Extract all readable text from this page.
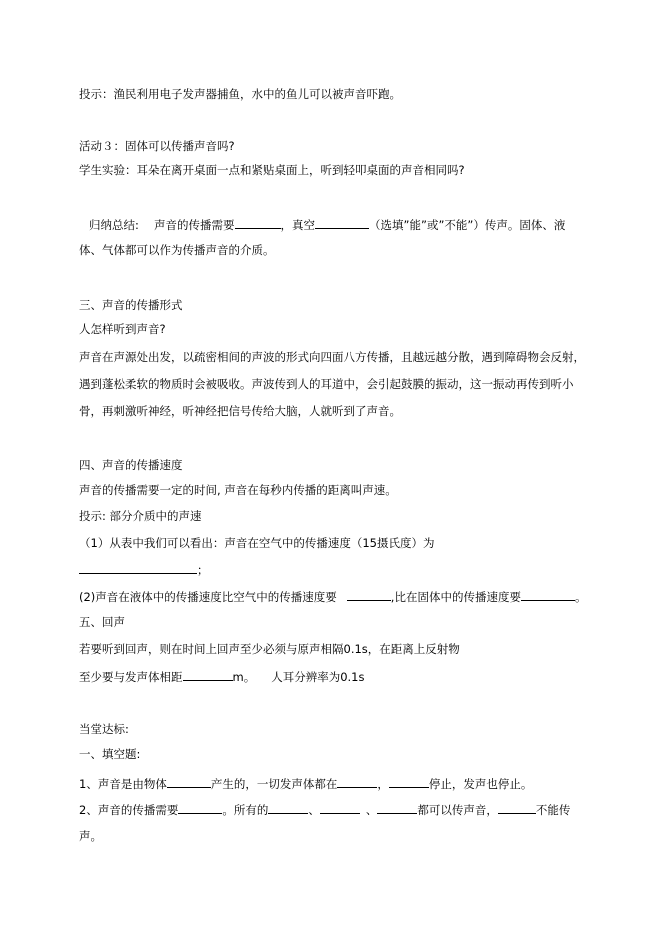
投示：渔民利用电子发声器捕鱼，水中的鱼儿可以被声音吓跑。
活动３：固体可以传播声音吗?
学生实验：耳朵在离开桌面一点和紧贴桌面上，听到轻叩桌面的声音相同吗?
归纳总结:　 声音的传播需要	，真空	（选填”能”或”不能”）传声。固体、液
体、气体都可以作为传播声音的介质。
三、声音的传播形式
人怎样听到声音?
声音在声源处出发，以疏密相间的声波的形式向四面八方传播，且越远越分散，遇到障碍物会反射，
遇到蓬松柔软的物质时会被吸收。声波传到人的耳道中，会引起鼓膜的振动，这一振动再传到听小
骨，再刺激听神经，听神经把信号传给大脑，人就听到了声音。
四、声音的传播速度
声音的传播需要一定的时间, 声音在每秒内传播的距离叫声速。
投示: 部分介质中的声速
（1）从表中我们可以看出：声音在空气中的传播速度（15摄氏度）为
；
(2)声音在液体中的传播速度比空气中的传播速度要	,比在固体中的传播速度要	。
五、回声
若要听到回声，则在时间上回声至少必须与原声相隔0.1s，在距离上反射物
至少要与发声体相距	m。 人耳分辨率为0.1s
当堂达标:
一、填空题:
1、声音是由物体	产生的，一切发声体都在	，	停止，发声也停止。
2、声音的传播需要	。所有的	、	、	都可以传声音，	不能传
声。
